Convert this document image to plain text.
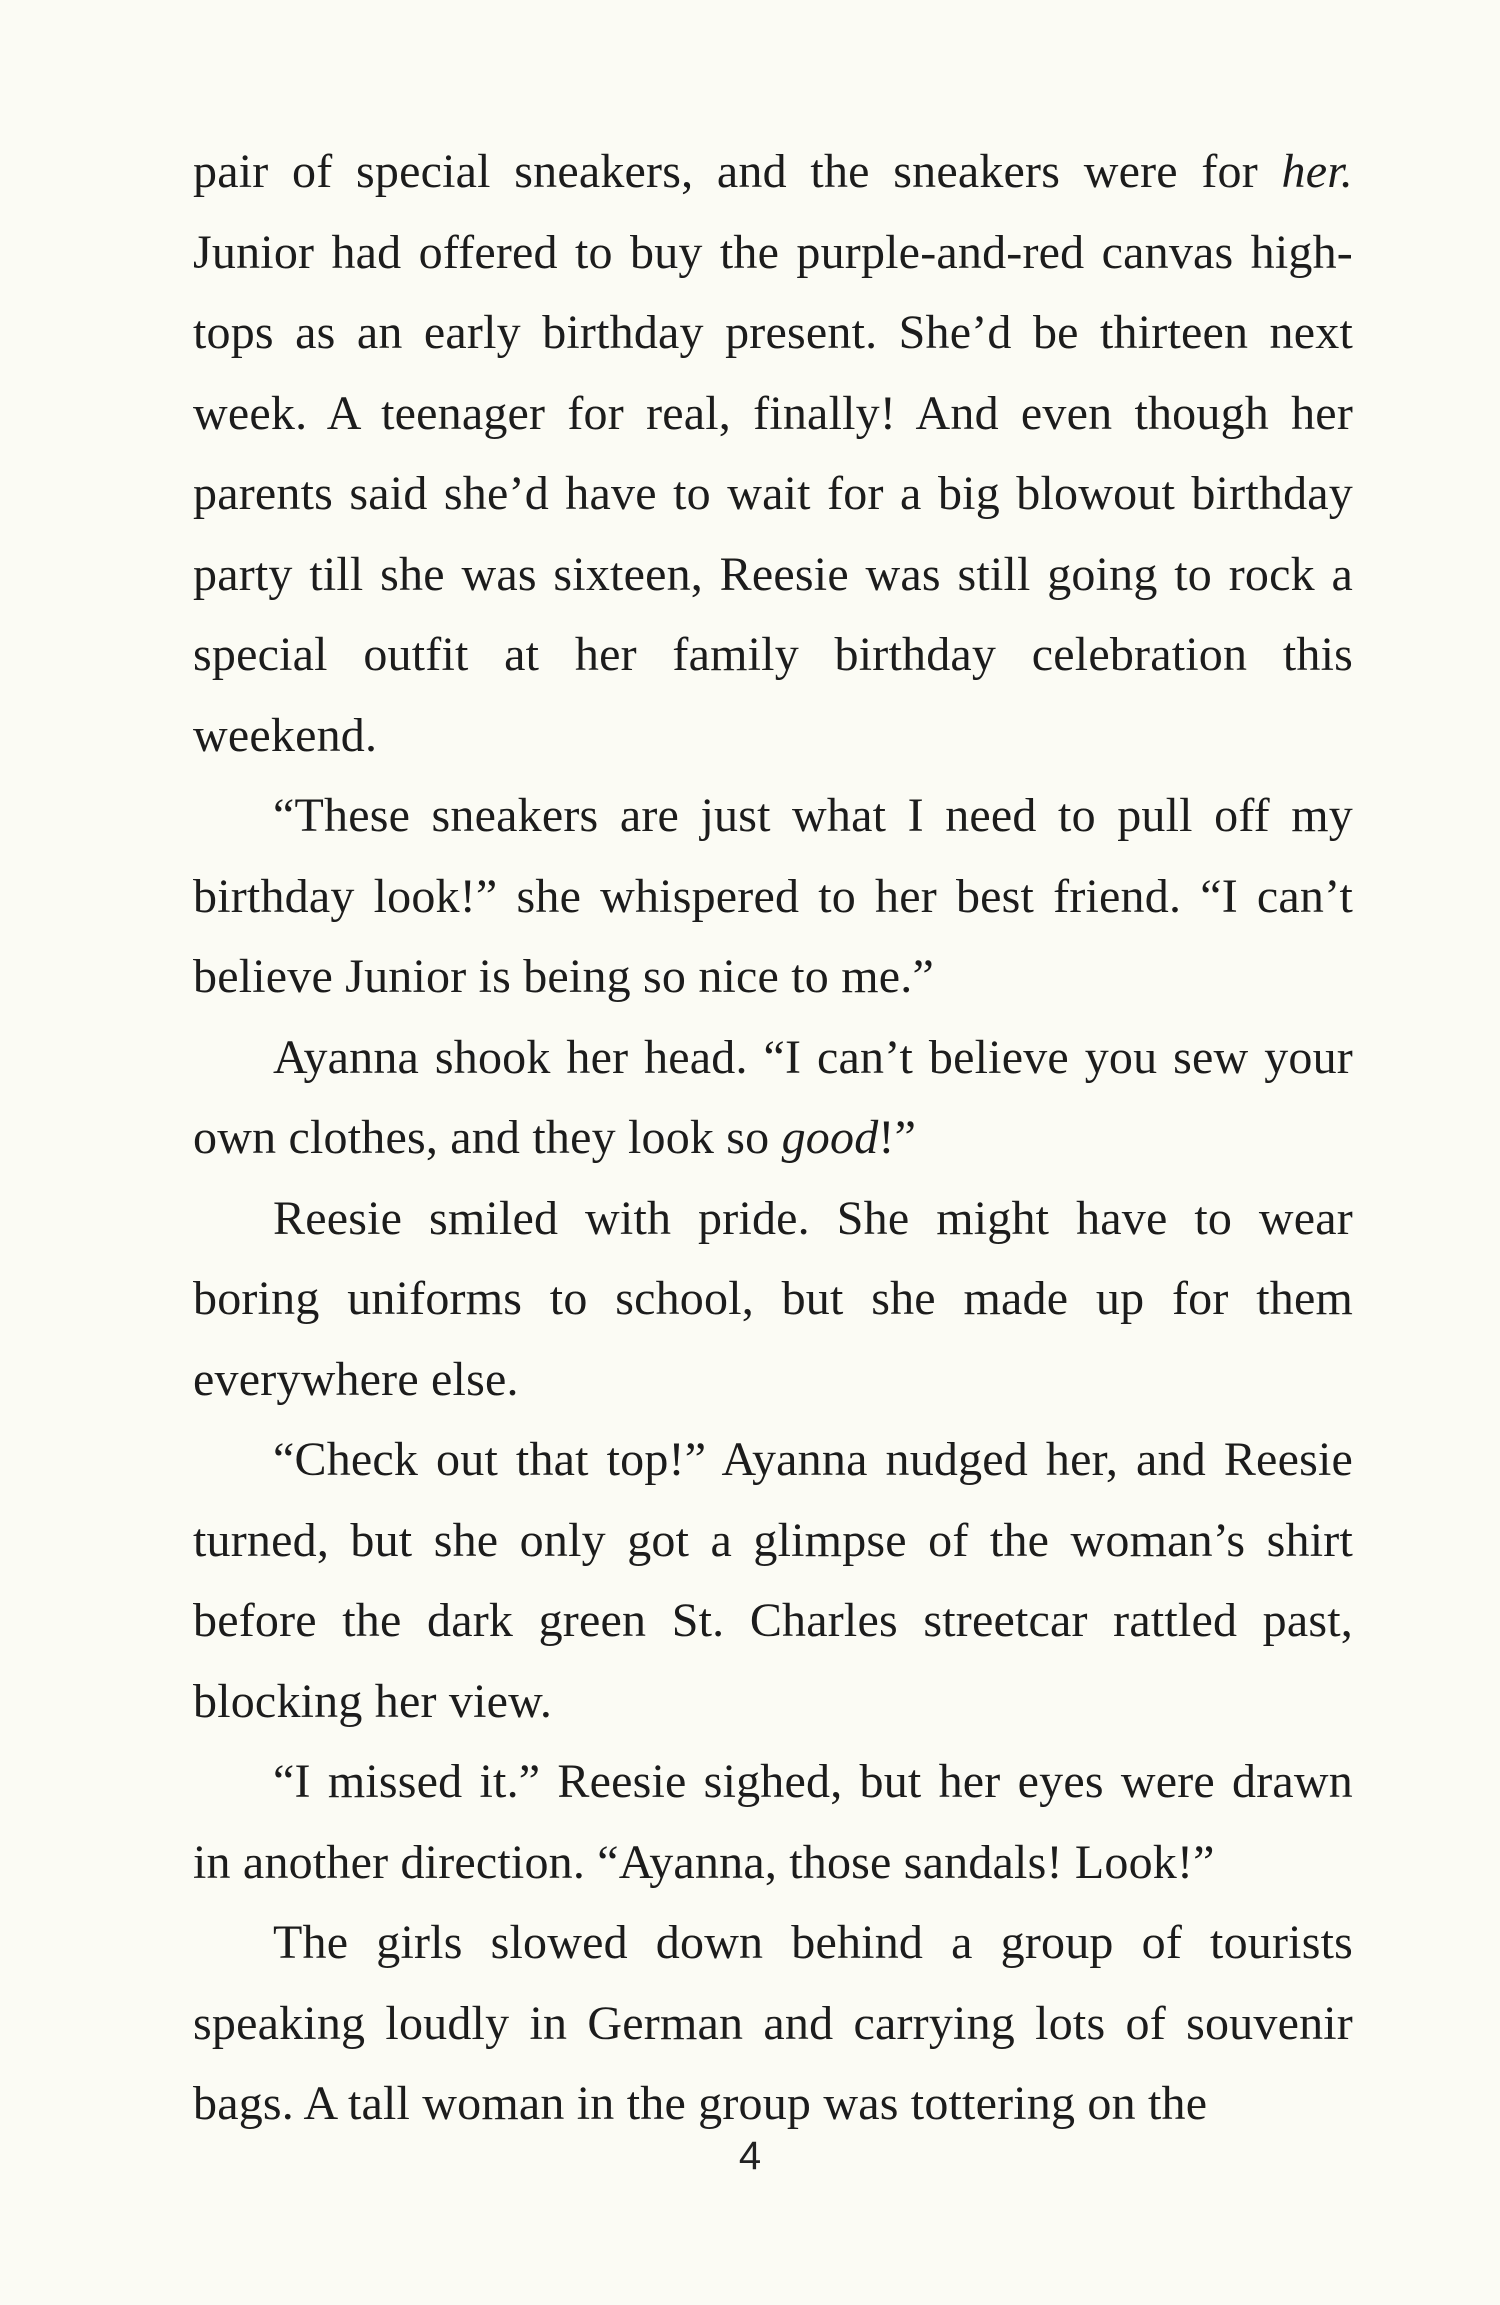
pair of special sneakers, and the sneakers were for her. Junior had offered to buy the purple-and-red canvas high-tops as an early birthday present. She’d be thirteen next week. A teenager for real, finally! And even though her parents said she’d have to wait for a big blowout birthday party till she was sixteen, Reesie was still going to rock a special outfit at her family birthday celebration this weekend.

“These sneakers are just what I need to pull off my birthday look!” she whispered to her best friend. “I can’t believe Junior is being so nice to me.”

Ayanna shook her head. “I can’t believe you sew your own clothes, and they look so good!”

Reesie smiled with pride. She might have to wear boring uniforms to school, but she made up for them everywhere else.

“Check out that top!” Ayanna nudged her, and Reesie turned, but she only got a glimpse of the woman’s shirt before the dark green St. Charles streetcar rattled past, blocking her view.

“I missed it.” Reesie sighed, but her eyes were drawn in another direction. “Ayanna, those sandals! Look!”

The girls slowed down behind a group of tourists speaking loudly in German and carrying lots of souvenir bags. A tall woman in the group was tottering on the

4
